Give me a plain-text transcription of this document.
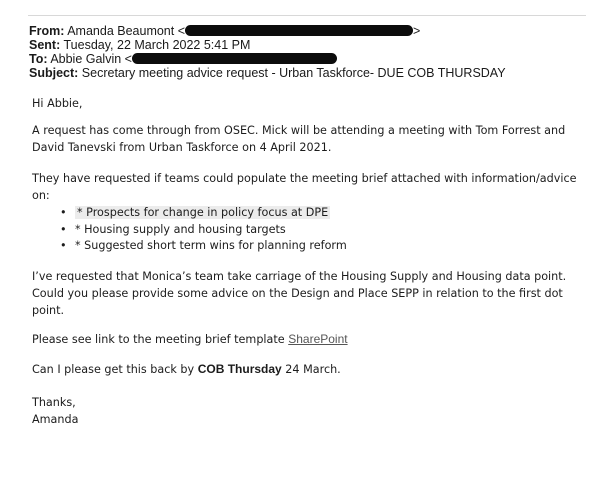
From: Amanda Beaumont <	>
Sent: Tuesday, 22 March 2022 5:41 PM
To: Abbie Galvin <
Subject: Secretary meeting advice request - Urban Taskforce- DUE COB THURSDAY
Hi Abbie,
A request has come through from OSEC. Mick will be attending a meeting with Tom Forrest and
David Tanevski from Urban Taskforce on 4 April 2021.
They have requested if teams could populate the meeting brief attached with information/advice
on:
• * Prospects for change in policy focus at DPE
• * Housing supply and housing targets
• * Suggested short term wins for planning reform
I’ve requested that Monica’s team take carriage of the Housing Supply and Housing data point.
Could you please provide some advice on the Design and Place SEPP in relation to the first dot
point.
Please see link to the meeting brief template SharePoint
Can I please get this back by COB Thursday 24 March.
Thanks,
Amanda
